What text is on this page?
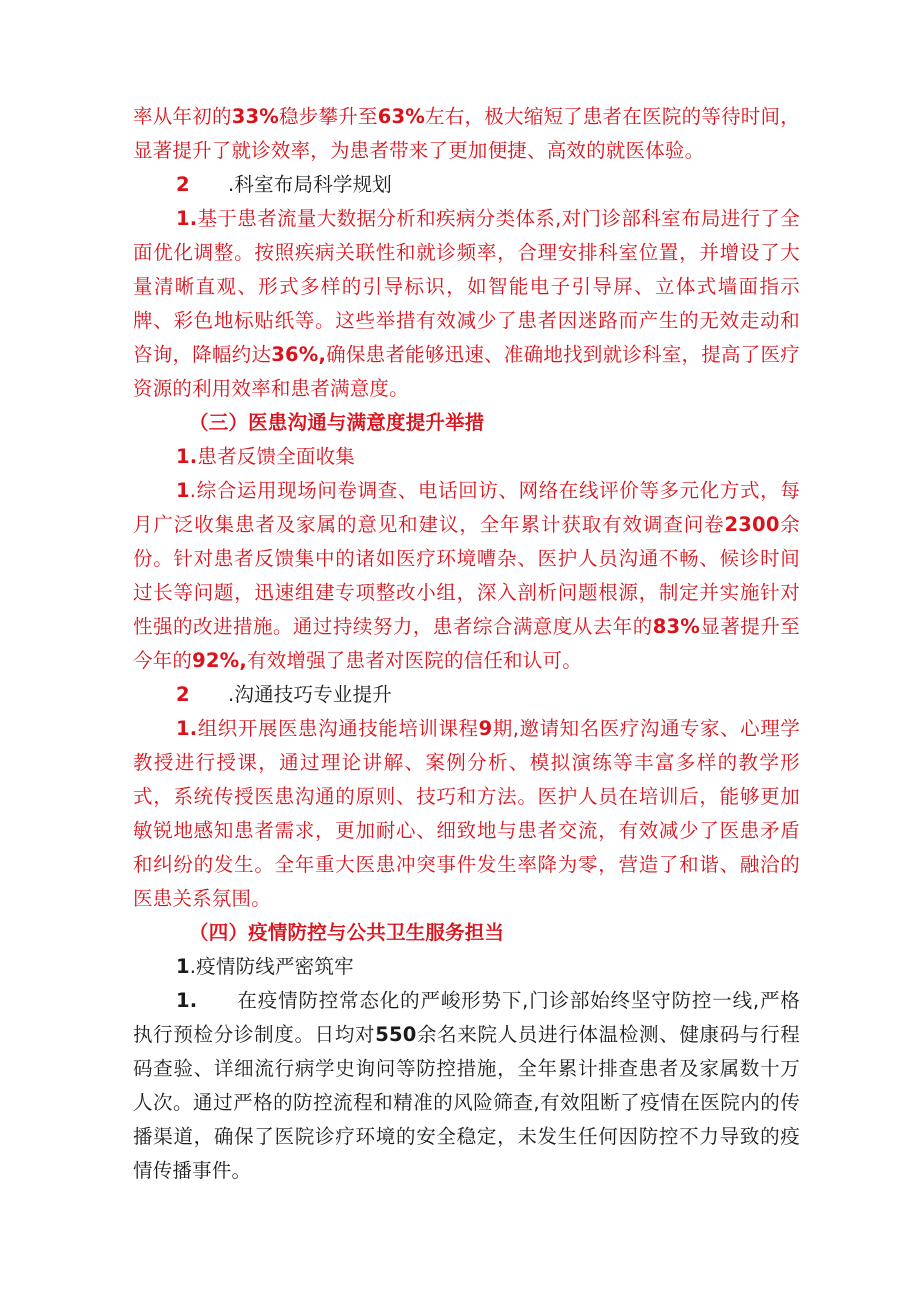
率从年初的33%稳步攀升至63%左右，极大缩短了患者在医院的等待时间，显著提升了就诊效率，为患者带来了更加便捷、高效的就医体验。

2 .科室布局科学规划

1.基于患者流量大数据分析和疾病分类体系,对门诊部科室布局进行了全面优化调整。按照疾病关联性和就诊频率，合理安排科室位置，并增设了大量清晰直观、形式多样的引导标识，如智能电子引导屏、立体式墙面指示牌、彩色地标贴纸等。这些举措有效减少了患者因迷路而产生的无效走动和咨询，降幅约达36%,确保患者能够迅速、准确地找到就诊科室，提高了医疗资源的利用效率和患者满意度。

（三）医患沟通与满意度提升举措

1.患者反馈全面收集

1.综合运用现场问卷调查、电话回访、网络在线评价等多元化方式，每月广泛收集患者及家属的意见和建议，全年累计获取有效调查问卷2300余份。针对患者反馈集中的诸如医疗环境嘈杂、医护人员沟通不畅、候诊时间过长等问题，迅速组建专项整改小组，深入剖析问题根源，制定并实施针对性强的改进措施。通过持续努力，患者综合满意度从去年的83%显著提升至今年的92%,有效增强了患者对医院的信任和认可。

2 .沟通技巧专业提升

1.组织开展医患沟通技能培训课程9期,邀请知名医疗沟通专家、心理学教授进行授课，通过理论讲解、案例分析、模拟演练等丰富多样的教学形式，系统传授医患沟通的原则、技巧和方法。医护人员在培训后，能够更加敏锐地感知患者需求，更加耐心、细致地与患者交流，有效减少了医患矛盾和纠纷的发生。全年重大医患冲突事件发生率降为零，营造了和谐、融洽的医患关系氛围。

（四）疫情防控与公共卫生服务担当

1.疫情防线严密筑牢

1.   在疫情防控常态化的严峻形势下,门诊部始终坚守防控一线,严格执行预检分诊制度。日均对550余名来院人员进行体温检测、健康码与行程码查验、详细流行病学史询问等防控措施，全年累计排查患者及家属数十万人次。通过严格的防控流程和精准的风险筛查,有效阻断了疫情在医院内的传播渠道，确保了医院诊疗环境的安全稳定，未发生任何因防控不力导致的疫情传播事件。
